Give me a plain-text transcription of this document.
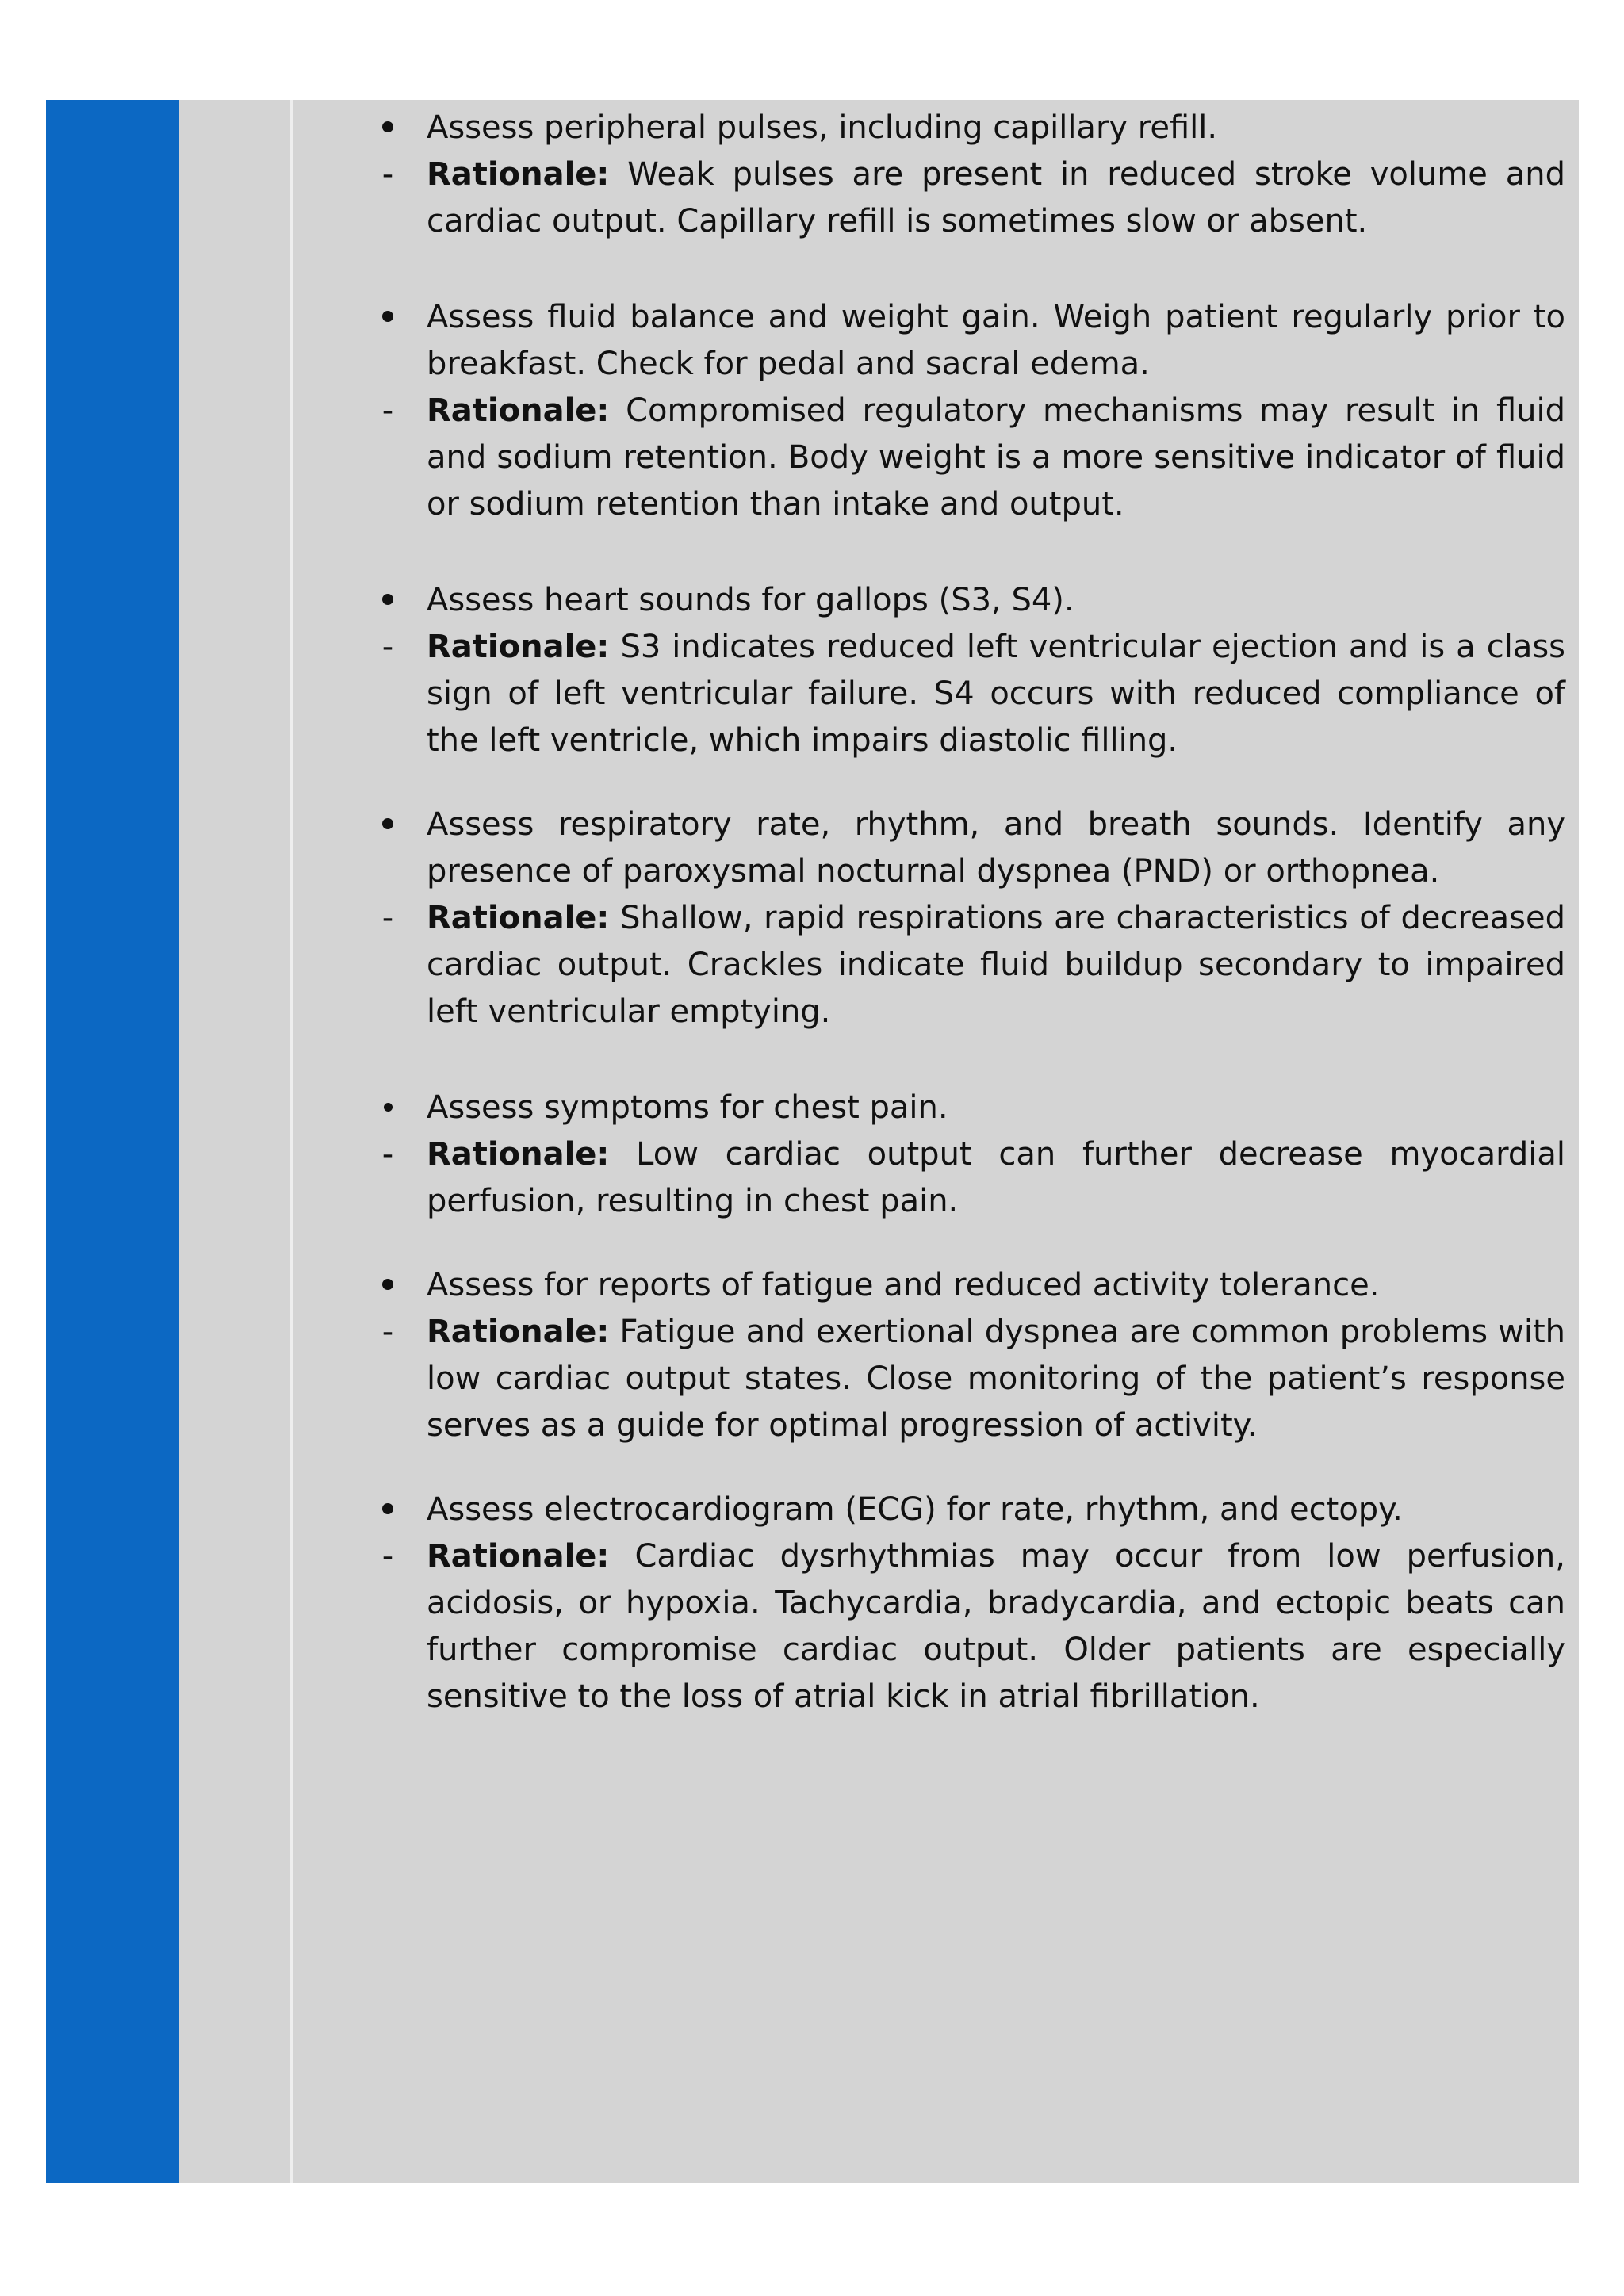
Assess peripheral pulses, including capillary refill.
-	Rationale: Weak pulses are present in reduced stroke volume and cardiac output. Capillary refill is sometimes slow or absent.
Assess fluid balance and weight gain. Weigh patient regularly prior to breakfast. Check for pedal and sacral edema.
-	Rationale: Compromised regulatory mechanisms may result in fluid and sodium retention. Body weight is a more sensitive indicator of fluid or sodium retention than intake and output.
Assess heart sounds for gallops (S3, S4).
-	Rationale: S3 indicates reduced left ventricular ejection and is a class sign of left ventricular failure. S4 occurs with reduced compliance of the left ventricle, which impairs diastolic filling.
Assess respiratory rate, rhythm, and breath sounds. Identify any presence of paroxysmal nocturnal dyspnea (PND) or orthopnea.
-	Rationale: Shallow, rapid respirations are characteristics of decreased cardiac output. Crackles indicate fluid buildup secondary to impaired left ventricular emptying.
Assess symptoms for chest pain.
-	Rationale: Low cardiac output can further decrease myocardial perfusion, resulting in chest pain.
Assess for reports of fatigue and reduced activity tolerance.
-	Rationale: Fatigue and exertional dyspnea are common problems with low cardiac output states. Close monitoring of the patient’s response serves as a guide for optimal progression of activity.
Assess electrocardiogram (ECG) for rate, rhythm, and ectopy.
-	Rationale: Cardiac dysrhythmias may occur from low perfusion, acidosis, or hypoxia. Tachycardia, bradycardia, and ectopic beats can further compromise cardiac output. Older patients are especially sensitive to the loss of atrial kick in atrial fibrillation.
